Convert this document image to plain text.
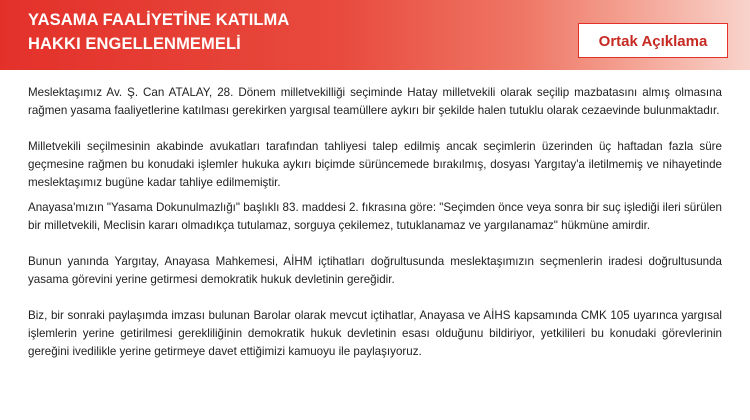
YASAMA FAALİYETİNE KATILMA
HAKKI ENGELLENMEMELİ	Ortak Açıklama

Meslektaşımız Av. Ş. Can ATALAY, 28. Dönem milletvekilliği seçiminde Hatay milletvekili olarak seçilip mazbatasını almış olmasına rağmen yasama faaliyetlerine katılması gerekirken yargısal teamüllere aykırı bir şekilde halen tutuklu olarak cezaevinde bulunmaktadır.

Milletvekili seçilmesinin akabinde avukatları tarafından tahliyesi talep edilmiş ancak seçimlerin üzerinden üç haftadan fazla süre geçmesine rağmen bu konudaki işlemler hukuka aykırı biçimde sürüncemede bırakılmış, dosyası Yargıtay'a iletilmemiş ve nihayetinde meslektaşımız bugüne kadar tahliye edilmemiştir.

Anayasa'mızın "Yasama Dokunulmazlığı" başlıklı 83. maddesi 2. fıkrasına göre: "Seçimden önce veya sonra bir suç işlediği ileri sürülen bir milletvekili, Meclisin kararı olmadıkça tutulamaz, sorguya çekilemez, tutuklanamaz ve yargılanamaz" hükmüne amirdir.

Bunun yanında Yargıtay, Anayasa Mahkemesi, AİHM içtihatları doğrultusunda meslektaşımızın seçmenlerin iradesi doğrultusunda yasama görevini yerine getirmesi demokratik hukuk devletinin gereğidir.

Biz, bir sonraki paylaşımda imzası bulunan Barolar olarak mevcut içtihatlar, Anayasa ve AİHS kapsamında CMK 105 uyarınca yargısal işlemlerin yerine getirilmesi gerekliliğinin demokratik hukuk devletinin esası olduğunu bildiriyor, yetkilileri bu konudaki görevlerinin gereğini ivedilikle yerine getirmeye davet ettiğimizi kamuoyu ile paylaşıyoruz.
